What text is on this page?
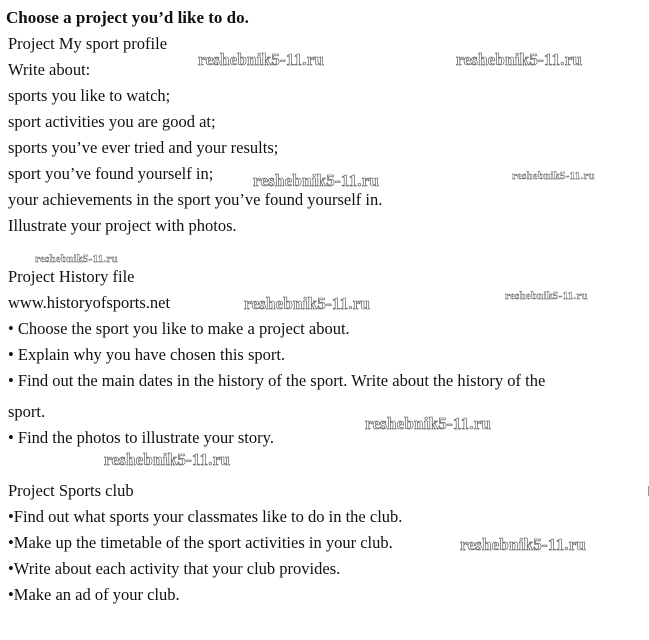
Choose a project you’d like to do.
Project My sport profile
Write about:
sports you like to watch;
sport activities you are good at;
sports you’ve ever tried and your results;
sport you’ve found yourself in;
your achievements in the sport you’ve found yourself in.
Illustrate your project with photos.
Project History file
www.historyofsports.net
• Choose the sport you like to make a project about.
• Explain why you have chosen this sport.
• Find out the main dates in the history of the sport. Write about the history of the
sport.
• Find the photos to illustrate your story.
Project Sports club
•Find out what sports your classmates like to do in the club.
•Make up the timetable of the sport activities in your club.
•Write about each activity that your club provides.
•Make an ad of your club.
reshebnik5-11.ru	reshebnik5-11.ru
reshebnik5-11.ru	reshebnik5-11.ru
reshebnik5-11.ru
reshebnik5-11.ru	reshebnik5-11.ru
reshebnik5-11.ru
reshebnik5-11.ru
reshebnik5-11.ru
